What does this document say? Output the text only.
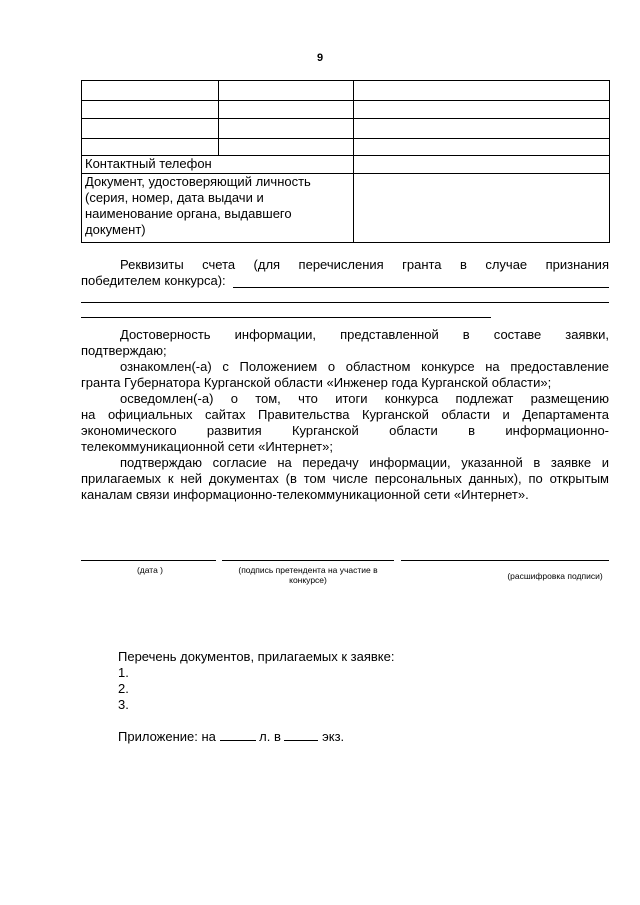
9

Контактный телефон		
Документ, удостоверяющий личность (серия, номер, дата выдачи и наименование органа, выдавшего документ)		
Реквизиты счета (для перечисления гранта в случае признания
победителем конкурса):
Достоверность информации, представленной в составе заявки,
подтверждаю;
ознакомлен(-а) с Положением о областном конкурсе на предоставление
гранта Губернатора Курганской области «Инженер года Курганской области»;
осведомлен(-а) о том, что итоги конкурса подлежат размещению
на официальных сайтах Правительства Курганской области и Департамента
экономического развития Курганской области в информационно-
телекоммуникационной сети «Интернет»;
подтверждаю согласие на передачу информации, указанной в заявке и
прилагаемых к ней документах (в том числе персональных данных), по открытым
каналам связи информационно-телекоммуникационной сети «Интернет».
(дата )	(подпись претендента на участие в конкурсе)	(расшифровка подписи)
Перечень документов, прилагаемых к заявке:
1.
2.
3.
Приложение: на	л. в	экз.
